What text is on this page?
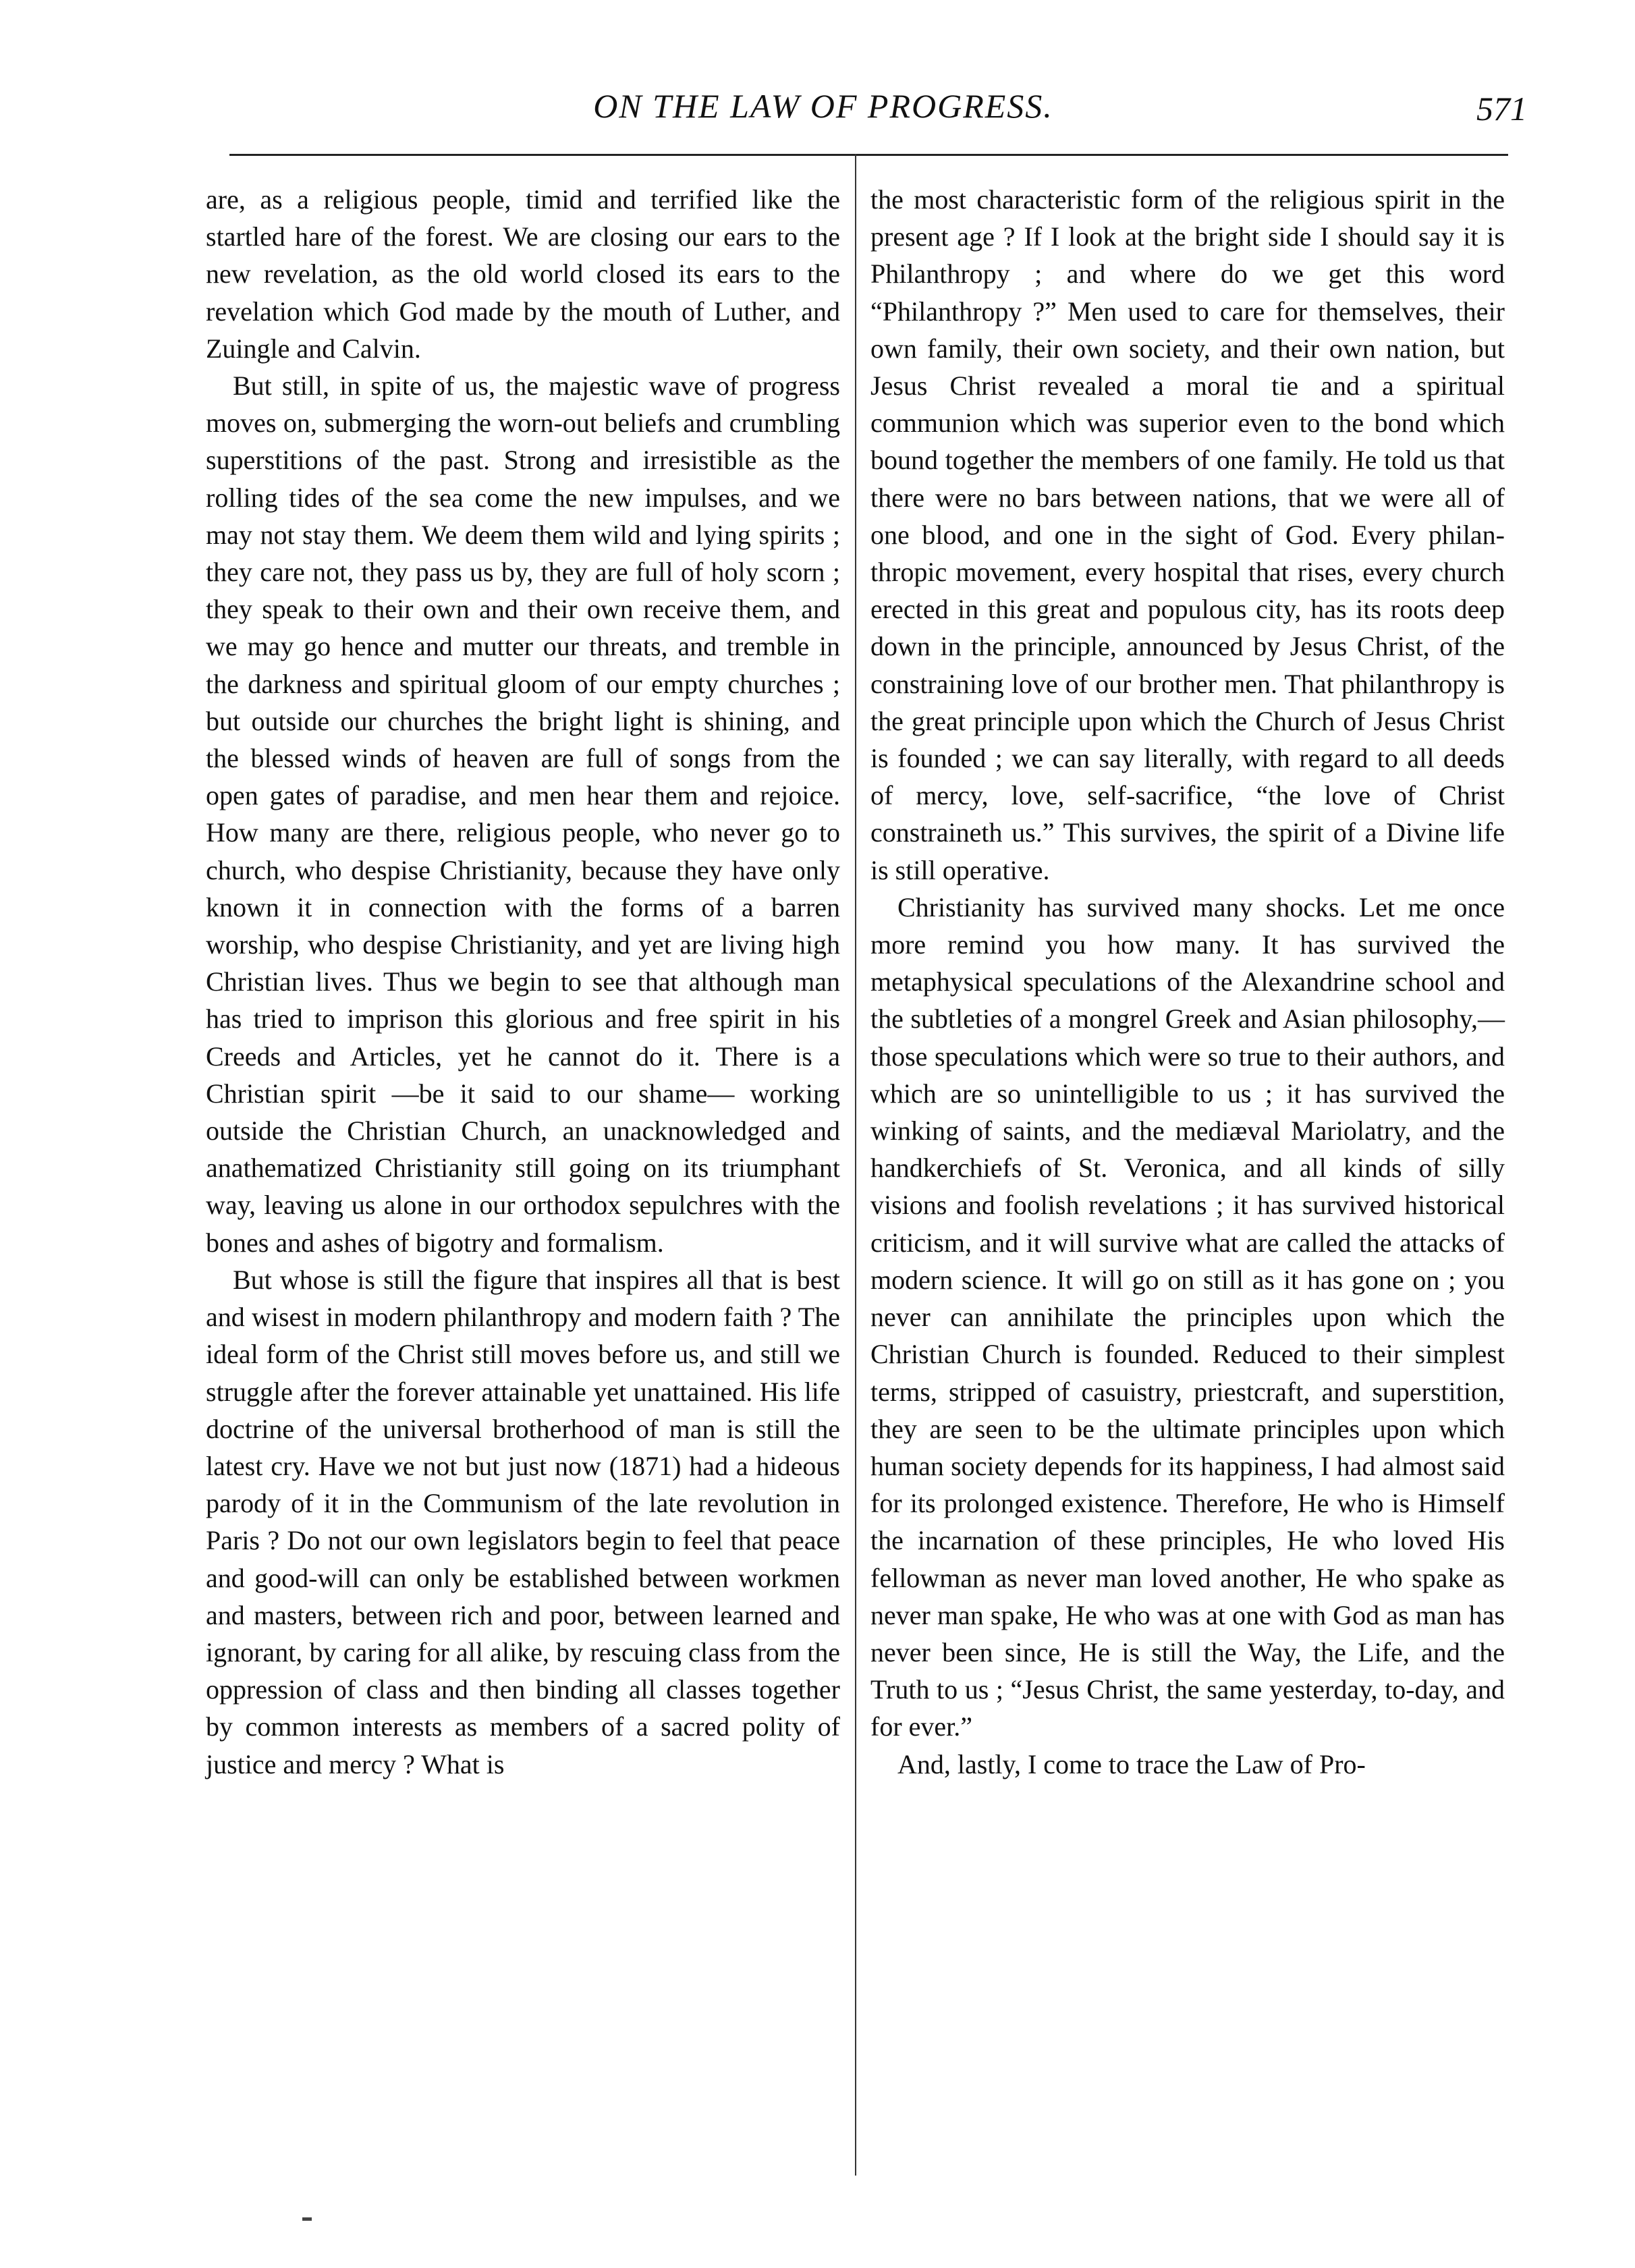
ON THE LAW OF PROGRESS.	571

are, as a religious people, timid and terrified like the startled hare of the forest. We are closing our ears to the new revelation, as the old world closed its ears to the revelation which God made by the mouth of Luther, and Zuingle and Calvin.

But still, in spite of us, the majestic wave of progress moves on, submerging the worn-out beliefs and crumbling superstitions of the past. Strong and irresistible as the rolling tides of the sea come the new impulses, and we may not stay them. We deem them wild and lying spirits ; they care not, they pass us by, they are full of holy scorn ; they speak to their own and their own receive them, and we may go hence and mutter our threats, and tremble in the darkness and spiritual gloom of our empty churches ; but outside our churches the bright light is shining, and the blessed winds of heaven are full of songs from the open gates of paradise, and men hear them and rejoice. How many are there, religious people, who never go to church, who despise Christianity, because they have only known it in connection with the forms of a barren worship, who despise Christianity, and yet are living high Christian lives. Thus we begin to see that although man has tried to imprison this glorious and free spirit in his Creeds and Articles, yet he cannot do it. There is a Christian spirit —be it said to our shame— working outside the Christian Church, an unacknowledged and anathematized Christianity still going on its triumphant way, leaving us alone in our orthodox sepulchres with the bones and ashes of bigotry and formalism.

But whose is still the figure that inspires all that is best and wisest in modern philanthropy and modern faith ? The ideal form of the Christ still moves before us, and still we struggle after the forever attainable yet unattained. His life doctrine of the universal brotherhood of man is still the latest cry. Have we not but just now (1871) had a hideous parody of it in the Communism of the late revolution in Paris ? Do not our own legislators begin to feel that peace and good-will can only be established between workmen and masters, between rich and poor, between learned and ignorant, by caring for all alike, by rescuing class from the oppression of class and then binding all classes together by common interests as members of a sacred polity of justice and mercy ? What is

the most characteristic form of the religious spirit in the present age ? If I look at the bright side I should say it is Philanthropy ; and where do we get this word “Philanthropy ?” Men used to care for themselves, their own family, their own society, and their own nation, but Jesus Christ revealed a moral tie and a spiritual communion which was superior even to the bond which bound together the members of one family. He told us that there were no bars between nations, that we were all of one blood, and one in the sight of God. Every philanthropic movement, every hospital that rises, every church erected in this great and populous city, has its roots deep down in the principle, announced by Jesus Christ, of the constraining love of our brother men. That philanthropy is the great principle upon which the Church of Jesus Christ is founded ; we can say literally, with regard to all deeds of mercy, love, self-sacrifice, “the love of Christ constraineth us.” This survives, the spirit of a Divine life is still operative.

Christianity has survived many shocks. Let me once more remind you how many. It has survived the metaphysical speculations of the Alexandrine school and the subtleties of a mongrel Greek and Asian philosophy,—those speculations which were so true to their authors, and which are so unintelligible to us ; it has survived the winking of saints, and the mediæval Mariolatry, and the handkerchiefs of St. Veronica, and all kinds of silly visions and foolish revelations ; it has survived historical criticism, and it will survive what are called the attacks of modern science. It will go on still as it has gone on ; you never can annihilate the principles upon which the Christian Church is founded. Reduced to their simplest terms, stripped of casuistry, priestcraft, and superstition, they are seen to be the ultimate principles upon which human society depends for its happiness, I had almost said for its prolonged existence. Therefore, He who is Himself the incarnation of these principles, He who loved His fellowman as never man loved another, He who spake as never man spake, He who was at one with God as man has never been since, He is still the Way, the Life, and the Truth to us ; “Jesus Christ, the same yesterday, to-day, and for ever.”

And, lastly, I come to trace the Law of Pro-
